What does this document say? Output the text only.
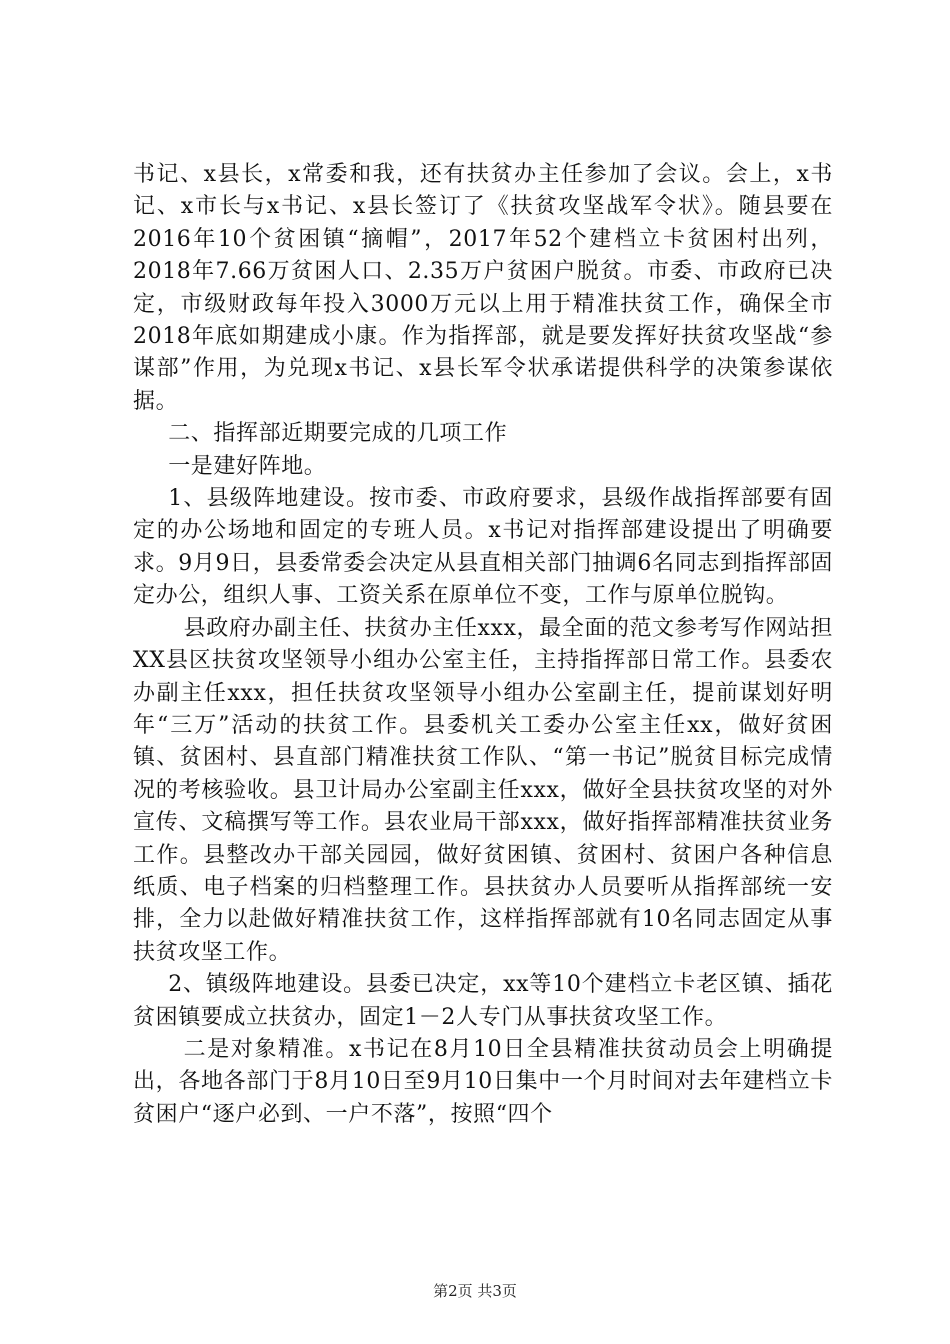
书记、x县长，x常委和我，还有扶贫办主任参加了会议。会上，x书记、x市长与x书记、x县长签订了《扶贫攻坚战军令状》。随县要在2016年10个贫困镇“摘帽”，2017年52个建档立卡贫困村出列，2018年7.66万贫困人口、2.35万户贫困户脱贫。市委、市政府已决定，市级财政每年投入3000万元以上用于精准扶贫工作，确保全市2018年底如期建成小康。作为指挥部，就是要发挥好扶贫攻坚战“参谋部”作用，为兑现x书记、x县长军令状承诺提供科学的决策参谋依据。

二、指挥部近期要完成的几项工作

一是建好阵地。

1、县级阵地建设。按市委、市政府要求，县级作战指挥部要有固定的办公场地和固定的专班人员。x书记对指挥部建设提出了明确要求。9月9日，县委常委会决定从县直相关部门抽调6名同志到指挥部固定办公，组织人事、工资关系在原单位不变，工作与原单位脱钩。

县政府办副主任、扶贫办主任xxx，最全面的范文参考写作网站担XX县区扶贫攻坚领导小组办公室主任，主持指挥部日常工作。县委农办副主任xxx，担任扶贫攻坚领导小组办公室副主任，提前谋划好明年“三万”活动的扶贫工作。县委机关工委办公室主任xx，做好贫困镇、贫困村、县直部门精准扶贫工作队、“第一书记”脱贫目标完成情况的考核验收。县卫计局办公室副主任xxx，做好全县扶贫攻坚的对外宣传、文稿撰写等工作。县农业局干部xxx，做好指挥部精准扶贫业务工作。县整改办干部关园园，做好贫困镇、贫困村、贫困户各种信息纸质、电子档案的归档整理工作。县扶贫办人员要听从指挥部统一安排，全力以赴做好精准扶贫工作，这样指挥部就有10名同志固定从事扶贫攻坚工作。

2、镇级阵地建设。县委已决定，xx等10个建档立卡老区镇、插花贫困镇要成立扶贫办，固定1－2人专门从事扶贫攻坚工作。

二是对象精准。x书记在8月10日全县精准扶贫动员会上明确提出，各地各部门于8月10日至9月10日集中一个月时间对去年建档立卡贫困户“逐户必到、一户不落”，按照“四个

第2页 共3页
